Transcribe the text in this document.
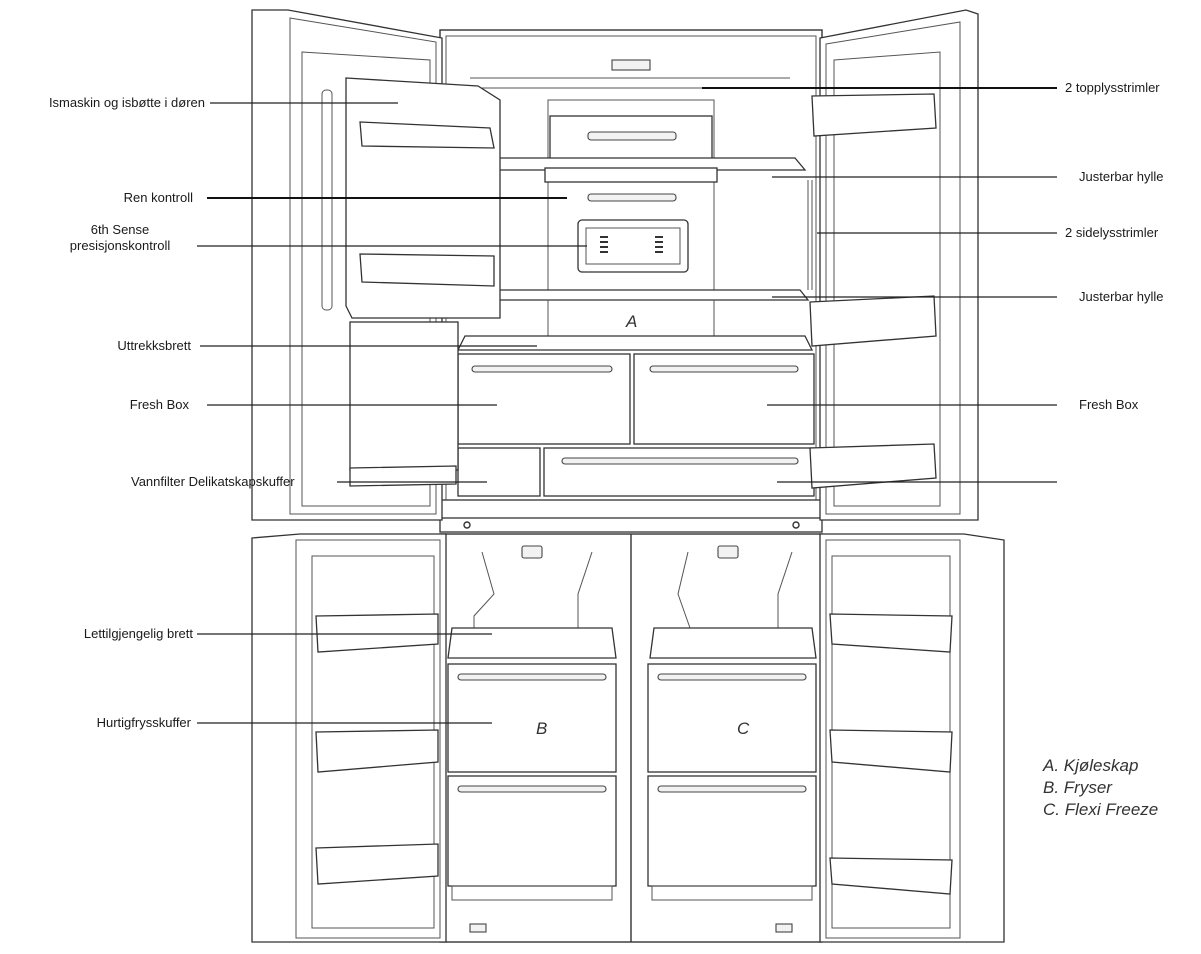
Ismaskin og isbøtte i døren
Ren kontroll
6th Sense
presisjonskontroll
Uttrekksbrett
Fresh Box
Vannfilter Delikatskapskuffer
Lettilgjengelig brett
Hurtigfrysskuffer
2 topplysstrimler
Justerbar hylle
2 sidelysstrimler
Justerbar hylle
Fresh Box
A
B	C
A. Kjøleskap
B. Fryser
C. Flexi Freeze
